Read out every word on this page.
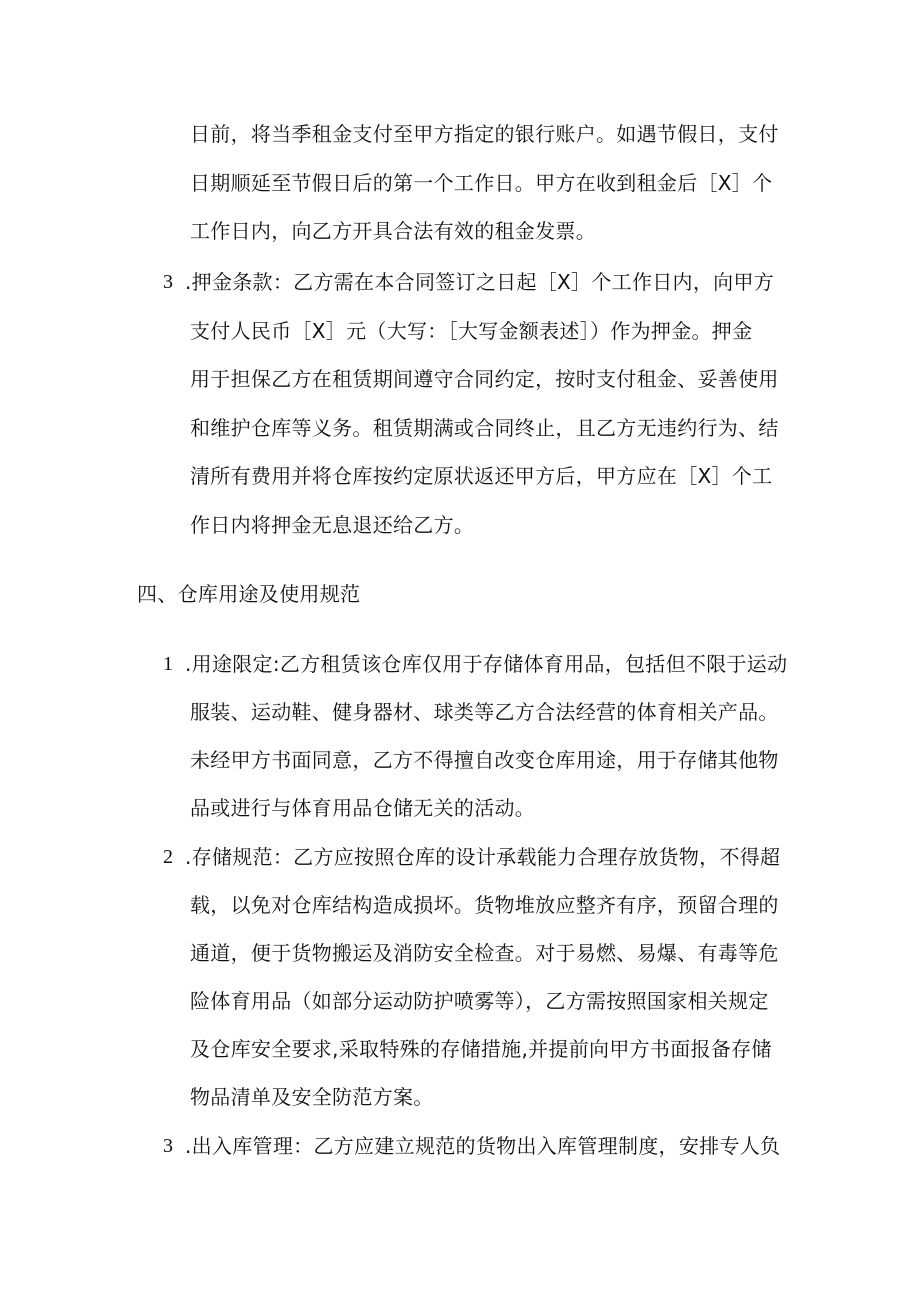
日前，将当季租金支付至甲方指定的银行账户。如遇节假日，支付
日期顺延至节假日后的第一个工作日。甲方在收到租金后［X］个
工作日内，向乙方开具合法有效的租金发票。
3 .押金条款：乙方需在本合同签订之日起［X］个工作日内，向甲方
支付人民币［X］元（大写：［大写金额表述］）作为押金。押金
用于担保乙方在租赁期间遵守合同约定，按时支付租金、妥善使用
和维护仓库等义务。租赁期满或合同终止，且乙方无违约行为、结
清所有费用并将仓库按约定原状返还甲方后，甲方应在［X］个工
作日内将押金无息退还给乙方。
四、仓库用途及使用规范
1 .用途限定:乙方租赁该仓库仅用于存储体育用品，包括但不限于运动
服装、运动鞋、健身器材、球类等乙方合法经营的体育相关产品。
未经甲方书面同意，乙方不得擅自改变仓库用途，用于存储其他物
品或进行与体育用品仓储无关的活动。
2 .存储规范：乙方应按照仓库的设计承载能力合理存放货物，不得超
载，以免对仓库结构造成损坏。货物堆放应整齐有序，预留合理的
通道，便于货物搬运及消防安全检查。对于易燃、易爆、有毒等危
险体育用品（如部分运动防护喷雾等），乙方需按照国家相关规定
及仓库安全要求,采取特殊的存储措施,并提前向甲方书面报备存储
物品清单及安全防范方案。
3 .出入库管理：乙方应建立规范的货物出入库管理制度，安排专人负
